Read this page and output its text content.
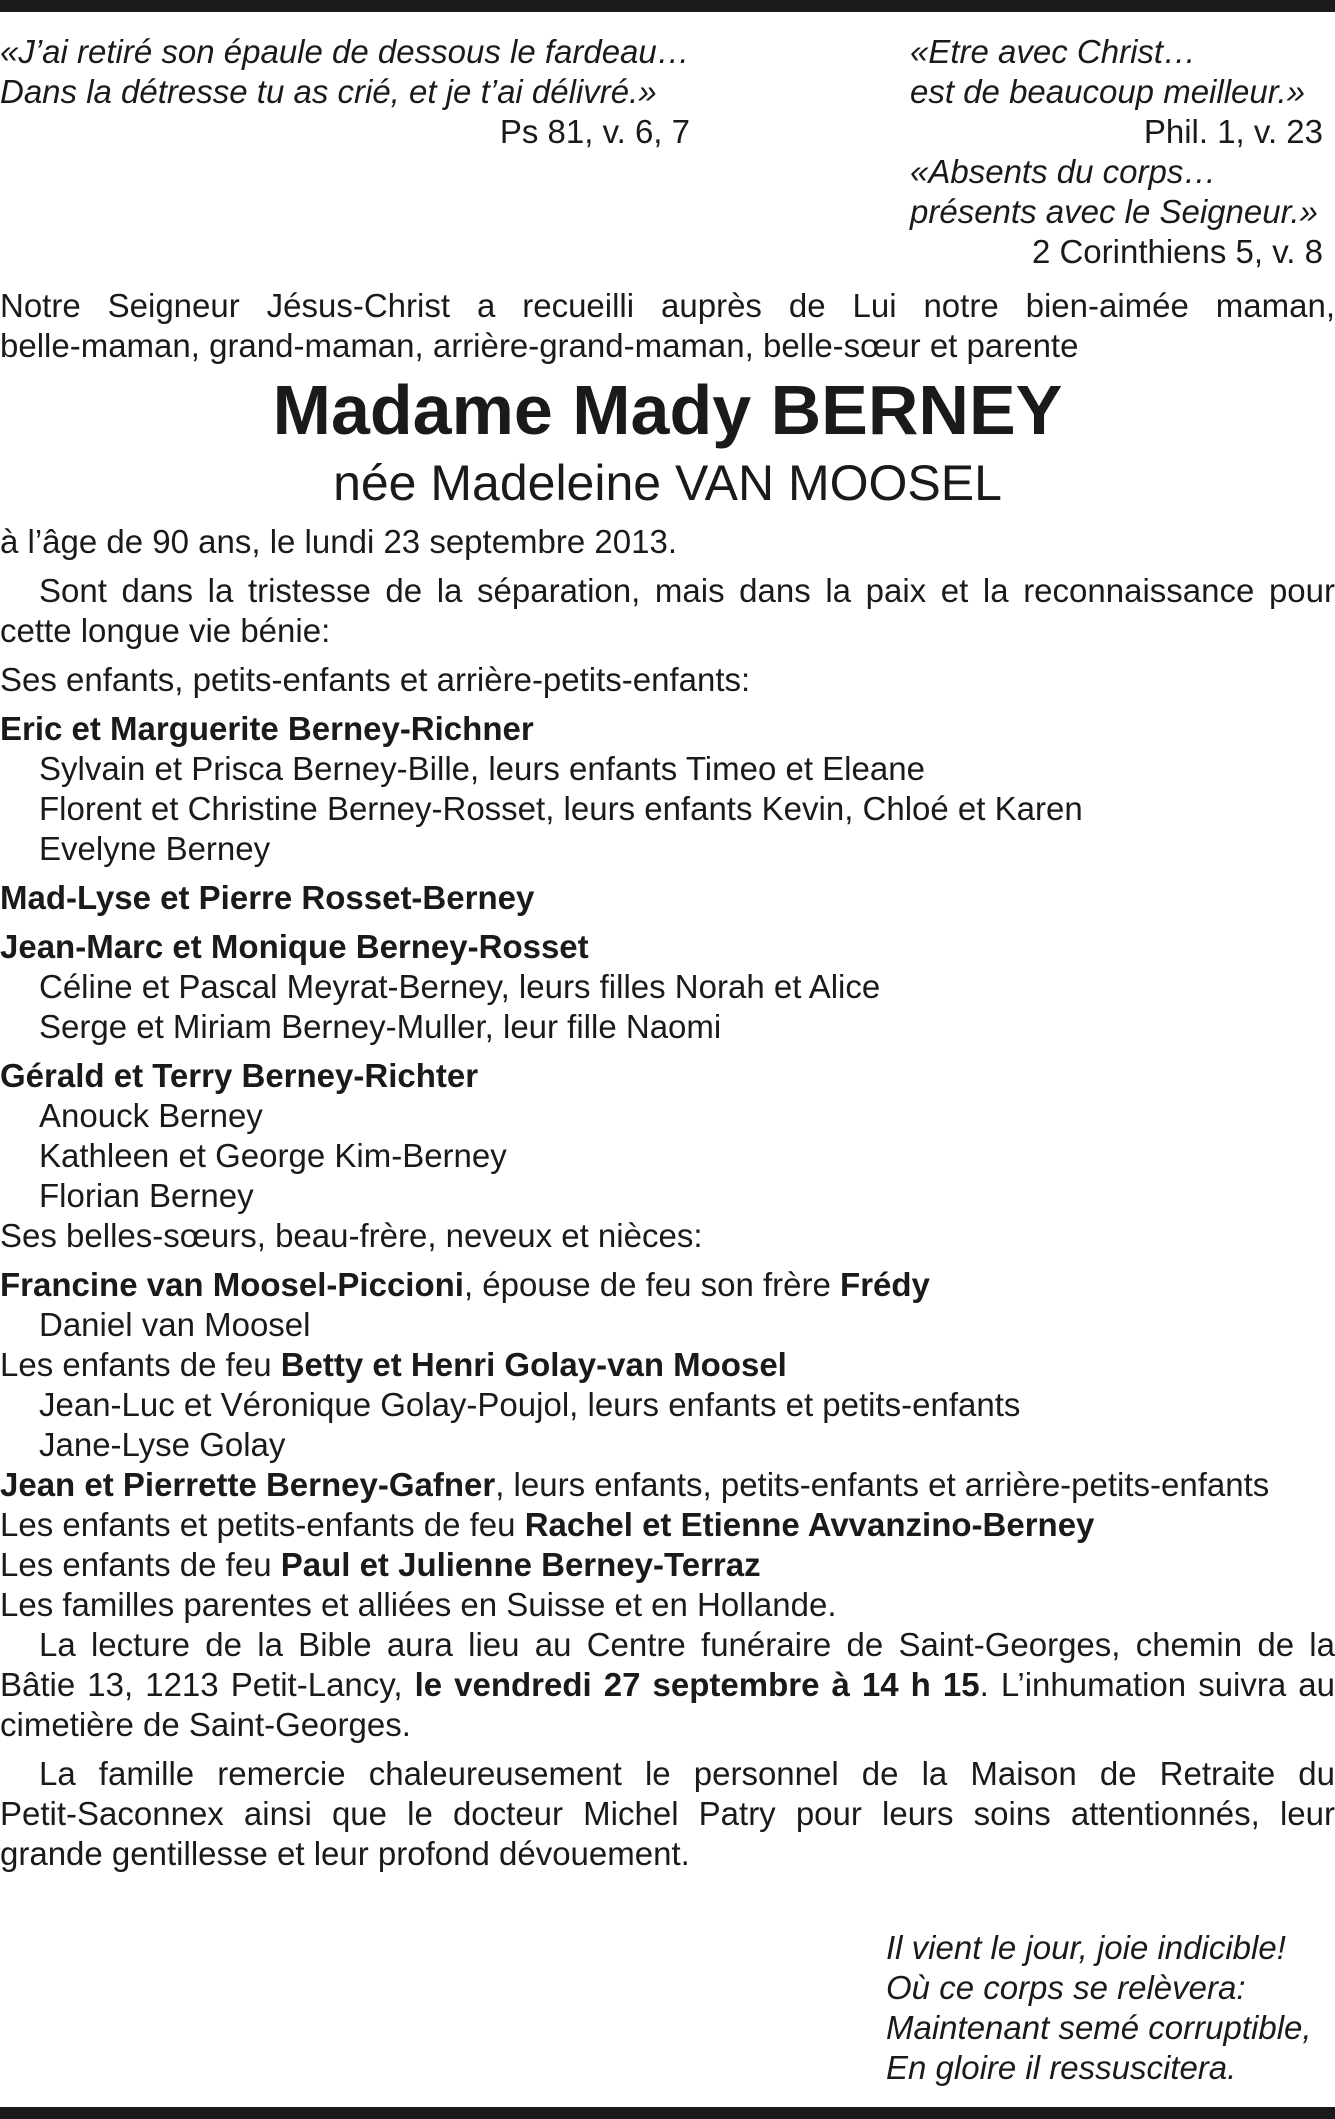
«J’ai retiré son épaule de dessous le fardeau…
Dans la détresse tu as crié, et je t’ai délivré.»
Ps 81, v. 6, 7
«Etre avec Christ…
est de beaucoup meilleur.»
Phil. 1, v. 23
«Absents du corps…
présents avec le Seigneur.»
2 Corinthiens 5, v. 8
Notre Seigneur Jésus-Christ a recueilli auprès de Lui notre bien-aimée maman,
belle-maman, grand-maman, arrière-grand-maman, belle-sœur et parente
Madame Mady BERNEY
née Madeleine VAN MOOSEL
à l’âge de 90 ans, le lundi 23 septembre 2013.
Sont dans la tristesse de la séparation, mais dans la paix et la reconnaissance pour
cette longue vie bénie:
Ses enfants, petits-enfants et arrière-petits-enfants:
Eric et Marguerite Berney-Richner
Sylvain et Prisca Berney-Bille, leurs enfants Timeo et Eleane
Florent et Christine Berney-Rosset, leurs enfants Kevin, Chloé et Karen
Evelyne Berney
Mad-Lyse et Pierre Rosset-Berney
Jean-Marc et Monique Berney-Rosset
Céline et Pascal Meyrat-Berney, leurs filles Norah et Alice
Serge et Miriam Berney-Muller, leur fille Naomi
Gérald et Terry Berney-Richter
Anouck Berney
Kathleen et George Kim-Berney
Florian Berney
Ses belles-sœurs, beau-frère, neveux et nièces:
Francine van Moosel-Piccioni, épouse de feu son frère Frédy
Daniel van Moosel
Les enfants de feu Betty et Henri Golay-van Moosel
Jean-Luc et Véronique Golay-Poujol, leurs enfants et petits-enfants
Jane-Lyse Golay
Jean et Pierrette Berney-Gafner, leurs enfants, petits-enfants et arrière-petits-enfants
Les enfants et petits-enfants de feu Rachel et Etienne Avvanzino-Berney
Les enfants de feu Paul et Julienne Berney-Terraz
Les familles parentes et alliées en Suisse et en Hollande.
La lecture de la Bible aura lieu au Centre funéraire de Saint-Georges, chemin de la
Bâtie 13, 1213 Petit-Lancy, le vendredi 27 septembre à 14 h 15. L’inhumation suivra au
cimetière de Saint-Georges.
La famille remercie chaleureusement le personnel de la Maison de Retraite du
Petit-Saconnex ainsi que le docteur Michel Patry pour leurs soins attentionnés, leur
grande gentillesse et leur profond dévouement.
Il vient le jour, joie indicible!
Où ce corps se relèvera:
Maintenant semé corruptible,
En gloire il ressuscitera.
